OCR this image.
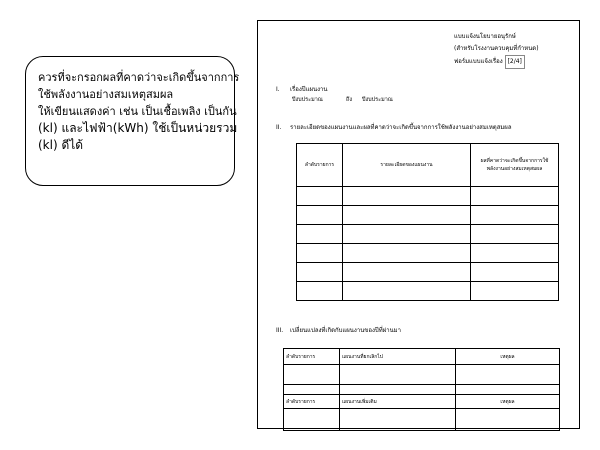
ควรที่จะกรอกผลที่คาดว่าจะเกิดขึ้นจากการ
ใช้พลังงานอย่างสมเหตุสมผล
ให้เขียนแสดงค่า เช่น เป็นเชื้อเพลิง เป็นกัน
(kl) และไฟฟ้า(kWh) ใช้เป็นหน่วยรวม
(kl) ดีได้
แบบแจ้งนโยบายอนุรักษ์
(สำหรับโรงงานควบคุมที่กำหนด)
ฟอร์มแบบแจ้งเรื่อง [2/4]
I. เรื่องปีแผนงาน
ปีงบประมาณ	ถึง ปีงบประมาณ
II. รายละเอียดของแผนงานและผลที่คาดว่าจะเกิดขึ้นจากการใช้พลังงานอย่างสมเหตุสมผล
ลำดับรายการ	รายละเอียดของแผนงาน	ผลที่คาดว่าจะเกิดขึ้นจากการใช้พลังงานอย่างสมเหตุสมผล

III. เปลี่ยนแปลงที่เกิดกับแผนงานของปีที่ผ่านมา
ลำดับรายการ	แผนงานที่ยกเลิกไป	เหตุผล

ลำดับรายการ	แผนงานเพิ่มเติม	เหตุผล
